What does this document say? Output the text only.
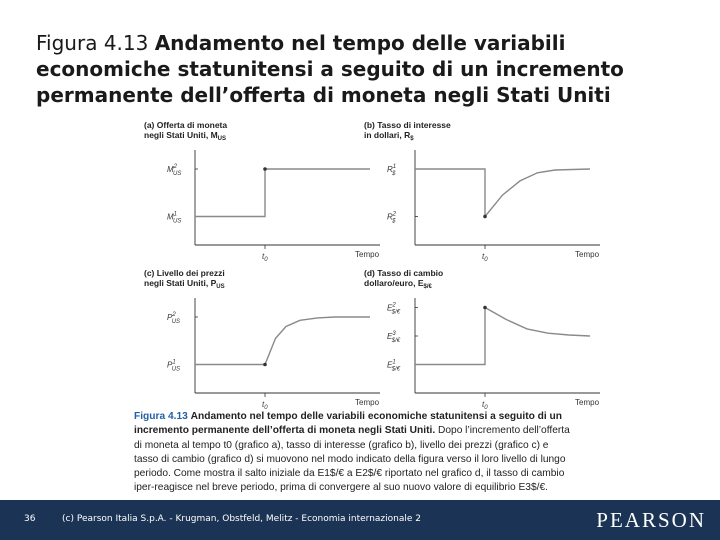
Figura 4.13 Andamento nel tempo delle variabili economiche statunitensi a seguito di un incremento permanente dell’offerta di moneta negli Stati Uniti
(a) Offerta di moneta
negli Stati Uniti, $M_{US}$
$t_0$
Tempo
$M^2$ US
$M^1$ US
(b) Tasso di interesse
in dollari, $R_{\$}$
$t_0$
Tempo
$R^1$ $
$R^2$ $
(c) Livello dei prezzi
negli Stati Uniti, $P_{US}$
$t_0$
Tempo
$P^2$ US
$P^1$ US
(d) Tasso di cambio
dollaro/euro, $E_{\$/€}$
$t_0$
Tempo
$E^2$ $/€
$E^3$ $/€
$E^1$ $/€
Figura 4.13 Andamento nel tempo delle variabili economiche statunitensi a seguito di un incremento permanente dell’offerta di moneta negli Stati Uniti. Dopo l’incremento dell’offerta di moneta al tempo t0 (grafico a), tasso di interesse (grafico b), livello dei prezzi (grafico c) e tasso di cambio (grafico d) si muovono nel modo indicato della figura verso il loro livello di lungo periodo. Come mostra il salto iniziale da E1$/€ a E2$/€ riportato nel grafico d, il tasso di cambio iper-reagisce nel breve periodo, prima di convergere al suo nuovo valore di equilibrio E3$/€.
36	(c) Pearson Italia S.p.A. - Krugman, Obstfeld, Melitz - Economia internazionale 2	PEARSON
